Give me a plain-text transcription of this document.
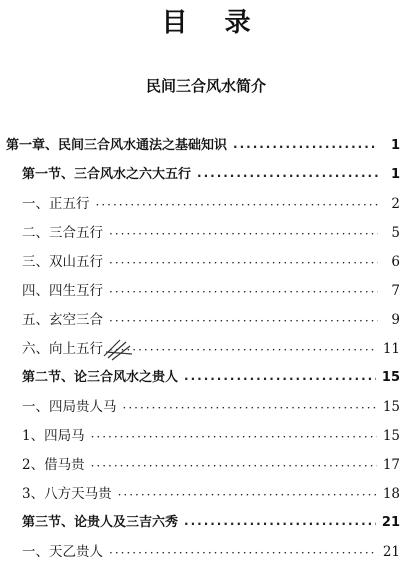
目 录
民间三合风水简介
第一章、民间三合风水通法之基础知识 ·····	1
第一节、三合风水之六大五行 ·····	1
一、正五行 ·····	2
二、三合五行 ·····	5
三、双山五行 ·····	6
四、四生互行 ·····	7
五、玄空三合 ·····	9
六、向上五行 ·····	11
第二节、论三合风水之贵人 ·····	15
一、四局贵人马 ·····	15
1、四局马 ·····	15
2、借马贵 ·····	17
3、八方天马贵 ·····	18
第三节、论贵人及三吉六秀 ·····	21
一、天乙贵人 ·····	21
